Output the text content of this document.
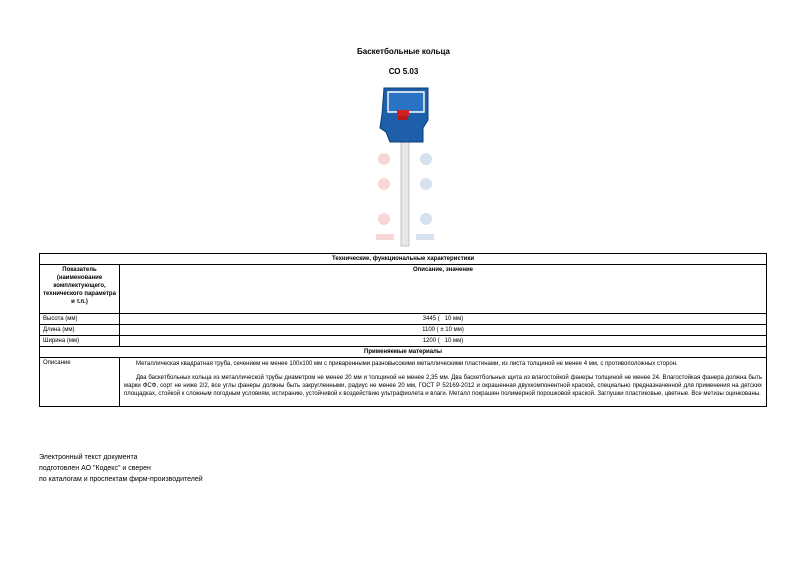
Баскетбольные кольца
СО 5.03
Технические, функциональные характеристики	
Показатель (наименование комплектующего, технического параметра и т.п.)	Описание, значение
Высота (мм)	3445 (   10 мм)
Длина (мм)	1100 ( ± 10 мм)
Ширина (мм)	1200 (   10 мм)
Применяемые материалы	
Описание	Металлическая квадратная труба, сечением не менее 100х100 мм с приваренными разновысокими металлическими пластинами, из листа толщиной не менее 4 мм, с противоположных сторон.

Два баскетбольных кольца из металлической трубы диаметром не менее 20 мм и толщиной не менее 2,35 мм. Два баскетбольных щита из влагостойкой фанеры толщиной не менее 24. Влагостойкая фанера должна быть марки ФСФ, сорт не ниже 2/2, все углы фанеры должны быть закругленными, радиус не менее 20 мм, ГОСТ Р 52169-2012 и окрашенная двухкомпонентной краской, специально предназначенной для применения на детских площадках, стойкой к сложным погодным условиям, истиранию, устойчивой к воздействию ультрафиолета и влаги. Металл покрашен полимерной порошковой краской. Заглушки пластиковые, цветные. Все метизы оцинкованы.

Электронный текст документа
подготовлен АО "Кодекс" и сверен
по каталогам и проспектам фирм-производителей
